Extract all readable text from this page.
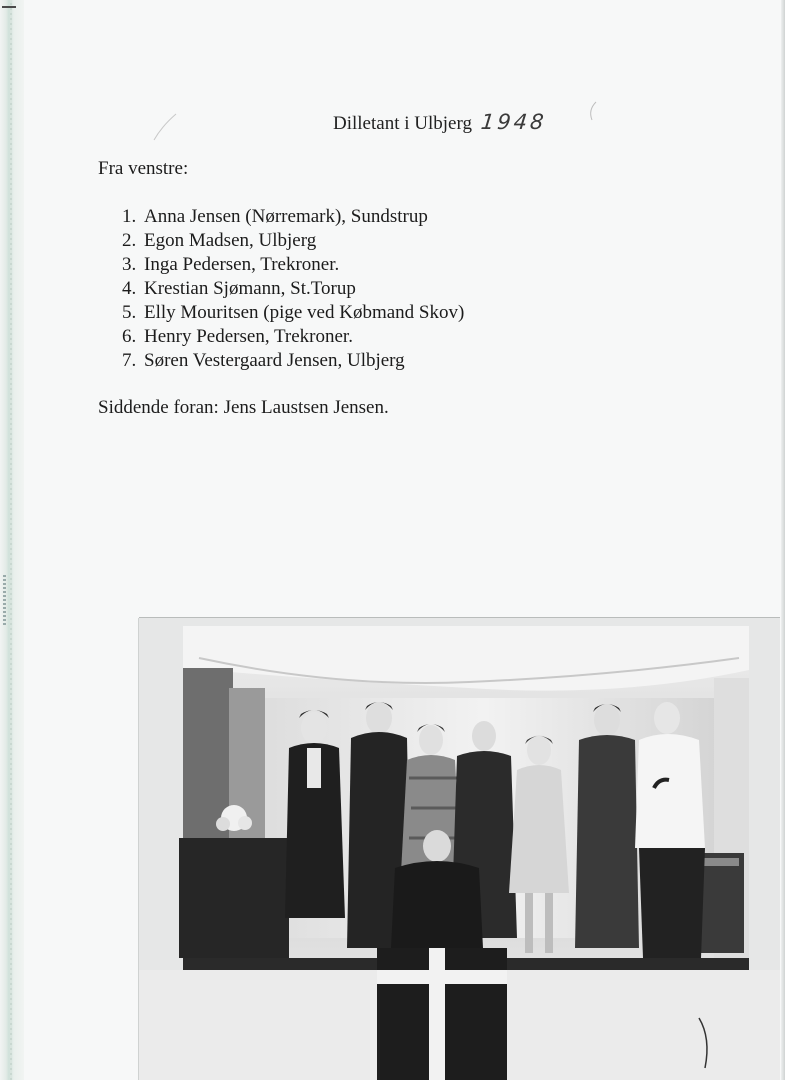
Dilletant i Ulbjerg 1948
Fra venstre:
1. Anna Jensen (Nørremark), Sundstrup
2. Egon Madsen, Ulbjerg
3. Inga Pedersen, Trekroner.
4. Krestian Sjømann, St.Torup
5. Elly Mouritsen (pige ved Købmand Skov)
6. Henry Pedersen, Trekroner.
7. Søren Vestergaard Jensen, Ulbjerg
Siddende foran: Jens Laustsen Jensen.
